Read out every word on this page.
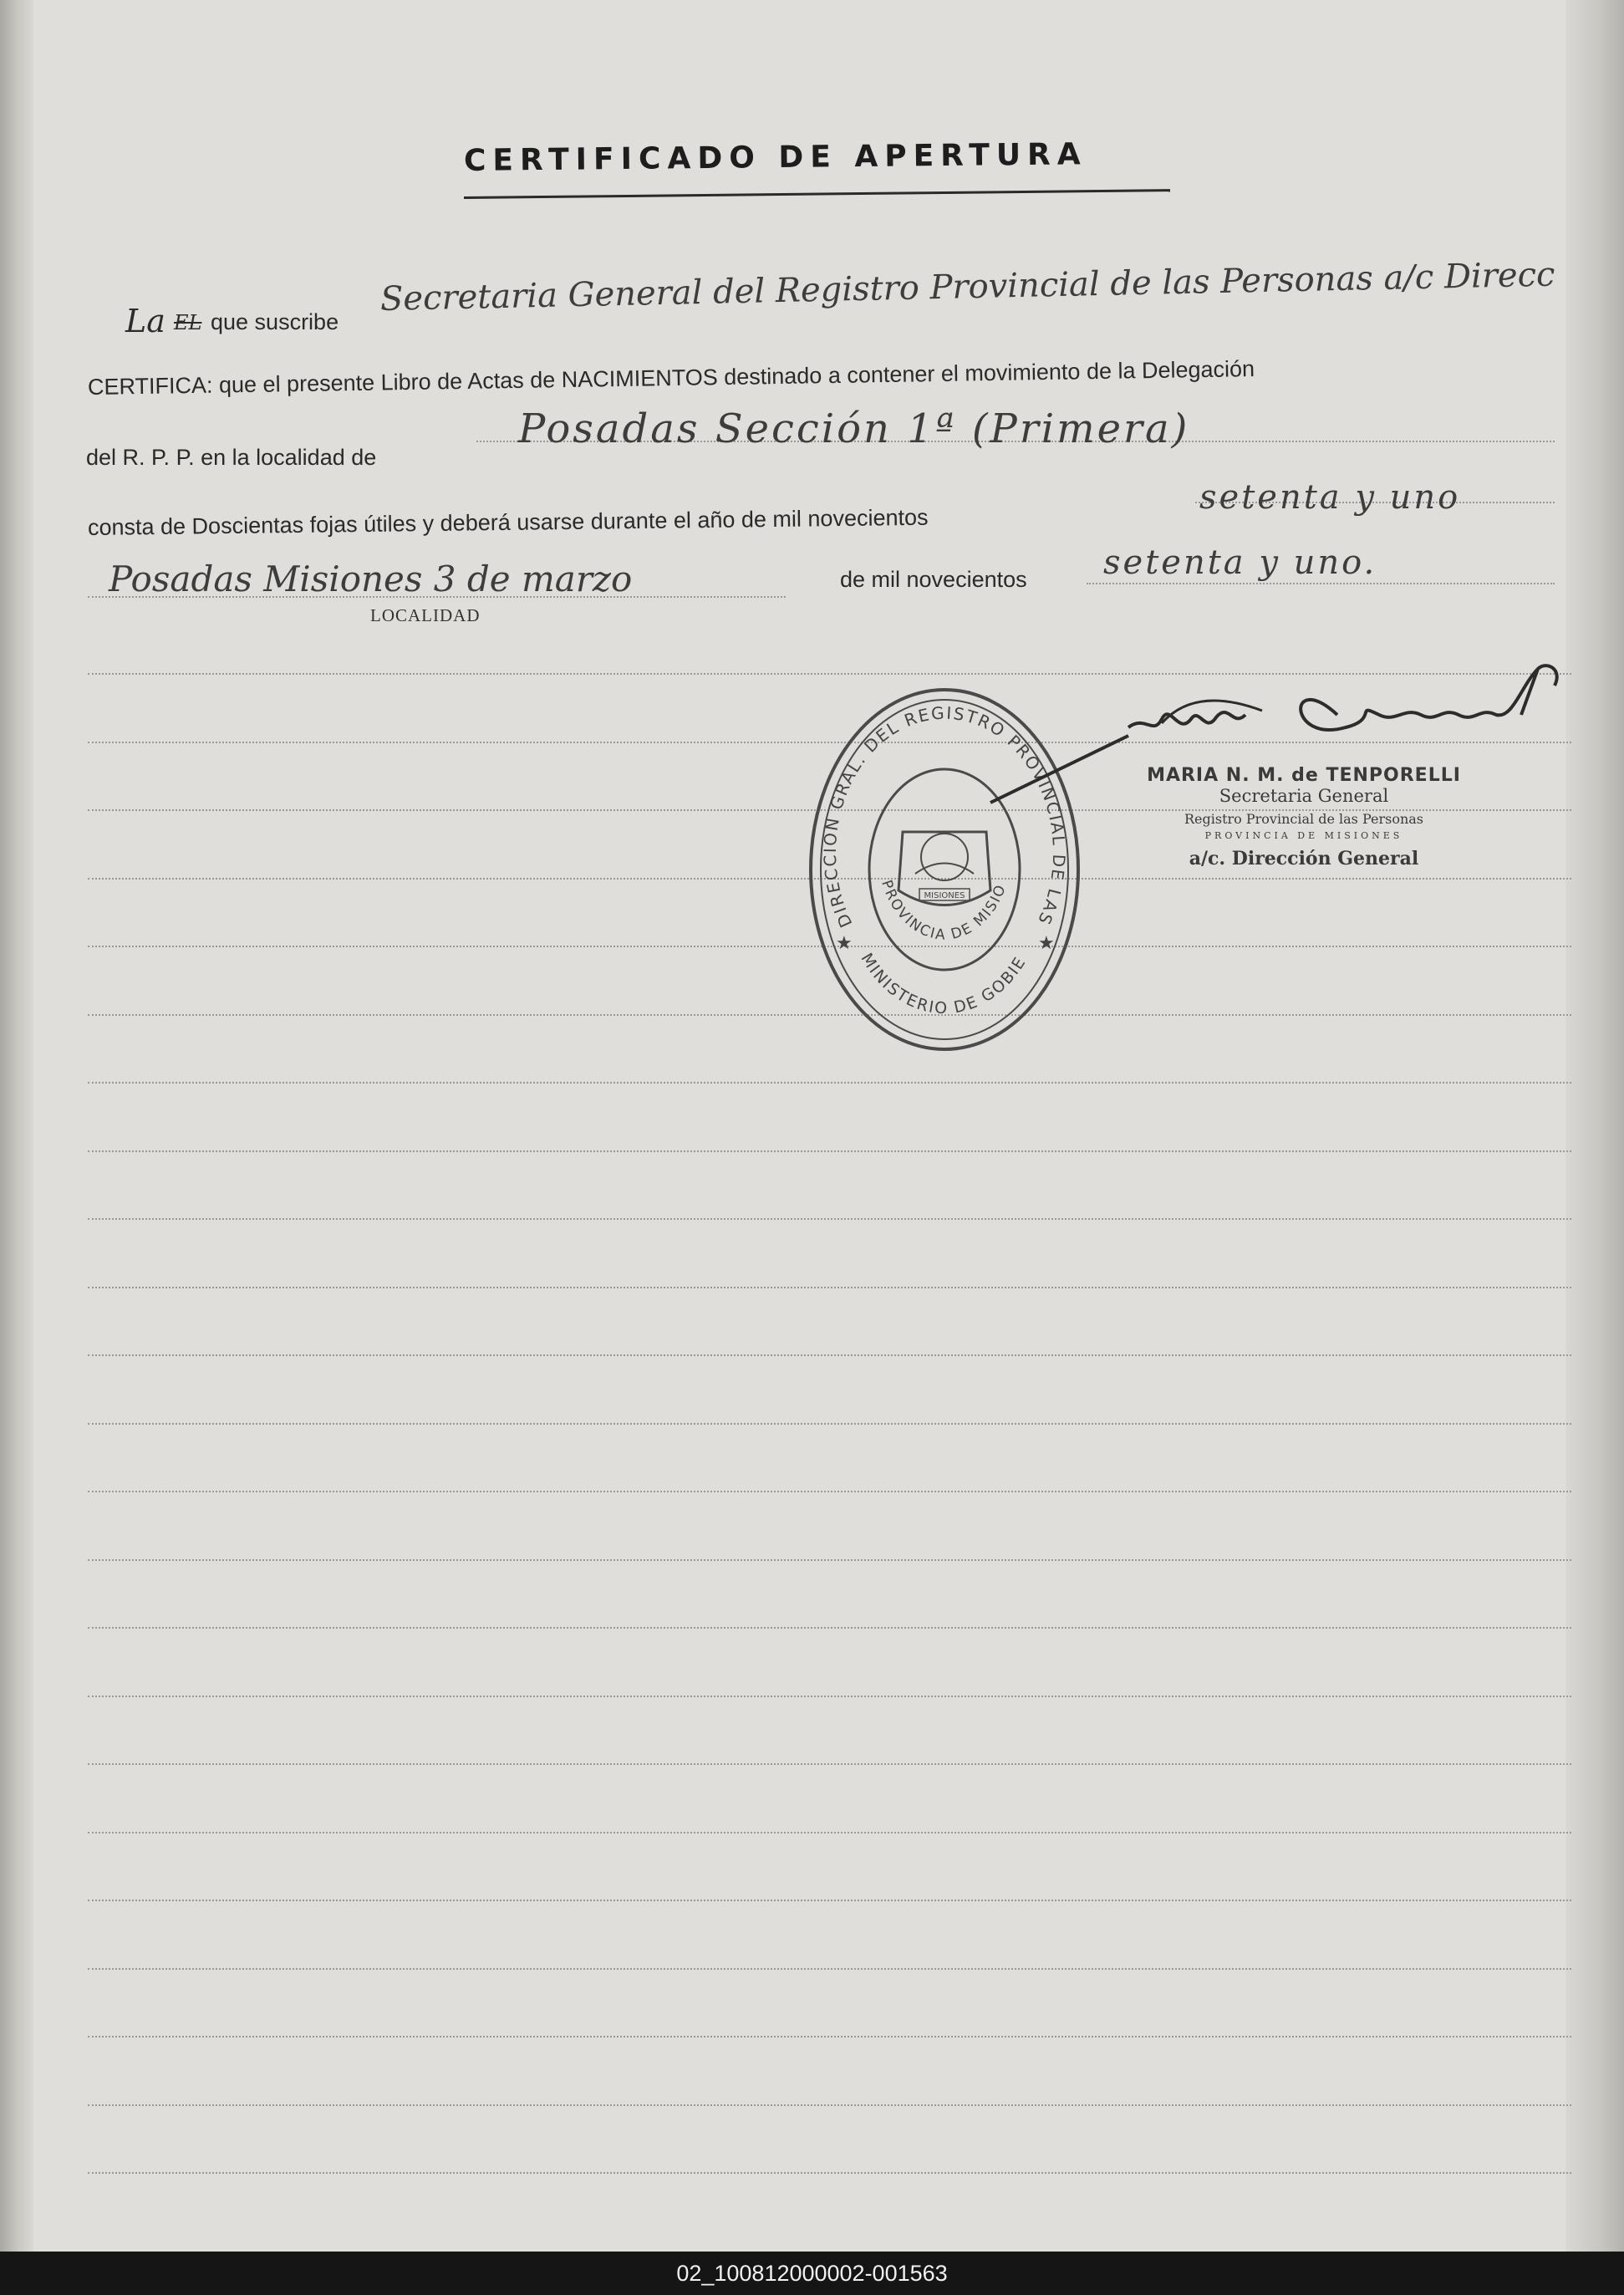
CERTIFICADO DE APERTURA
La EL que suscribe
Secretaria General del Registro Provincial de las Personas a/c Direcc
CERTIFICA: que el presente Libro de Actas de NACIMIENTOS destinado a contener el movimiento de la Delegación
del R. P. P. en la localidad de
Posadas Sección 1ª (Primera)
consta de Doscientas fojas útiles y deberá usarse durante el año de mil novecientos
setenta y uno
Posadas Misiones 3 de marzo
LOCALIDAD
de mil novecientos setenta y uno.
DIRECCION GRAL. DEL REGISTRO PROVINCIAL DE LAS
PROVINCIA DE MISIO
MINISTERIO DE GOBIE
★	★
MISIONES
MARIA N. M. de TENPORELLI
Secretaria General
Registro Provincial de las Personas
PROVINCIA DE MISIONES
a/c. Dirección General
02_100812000002-001563
